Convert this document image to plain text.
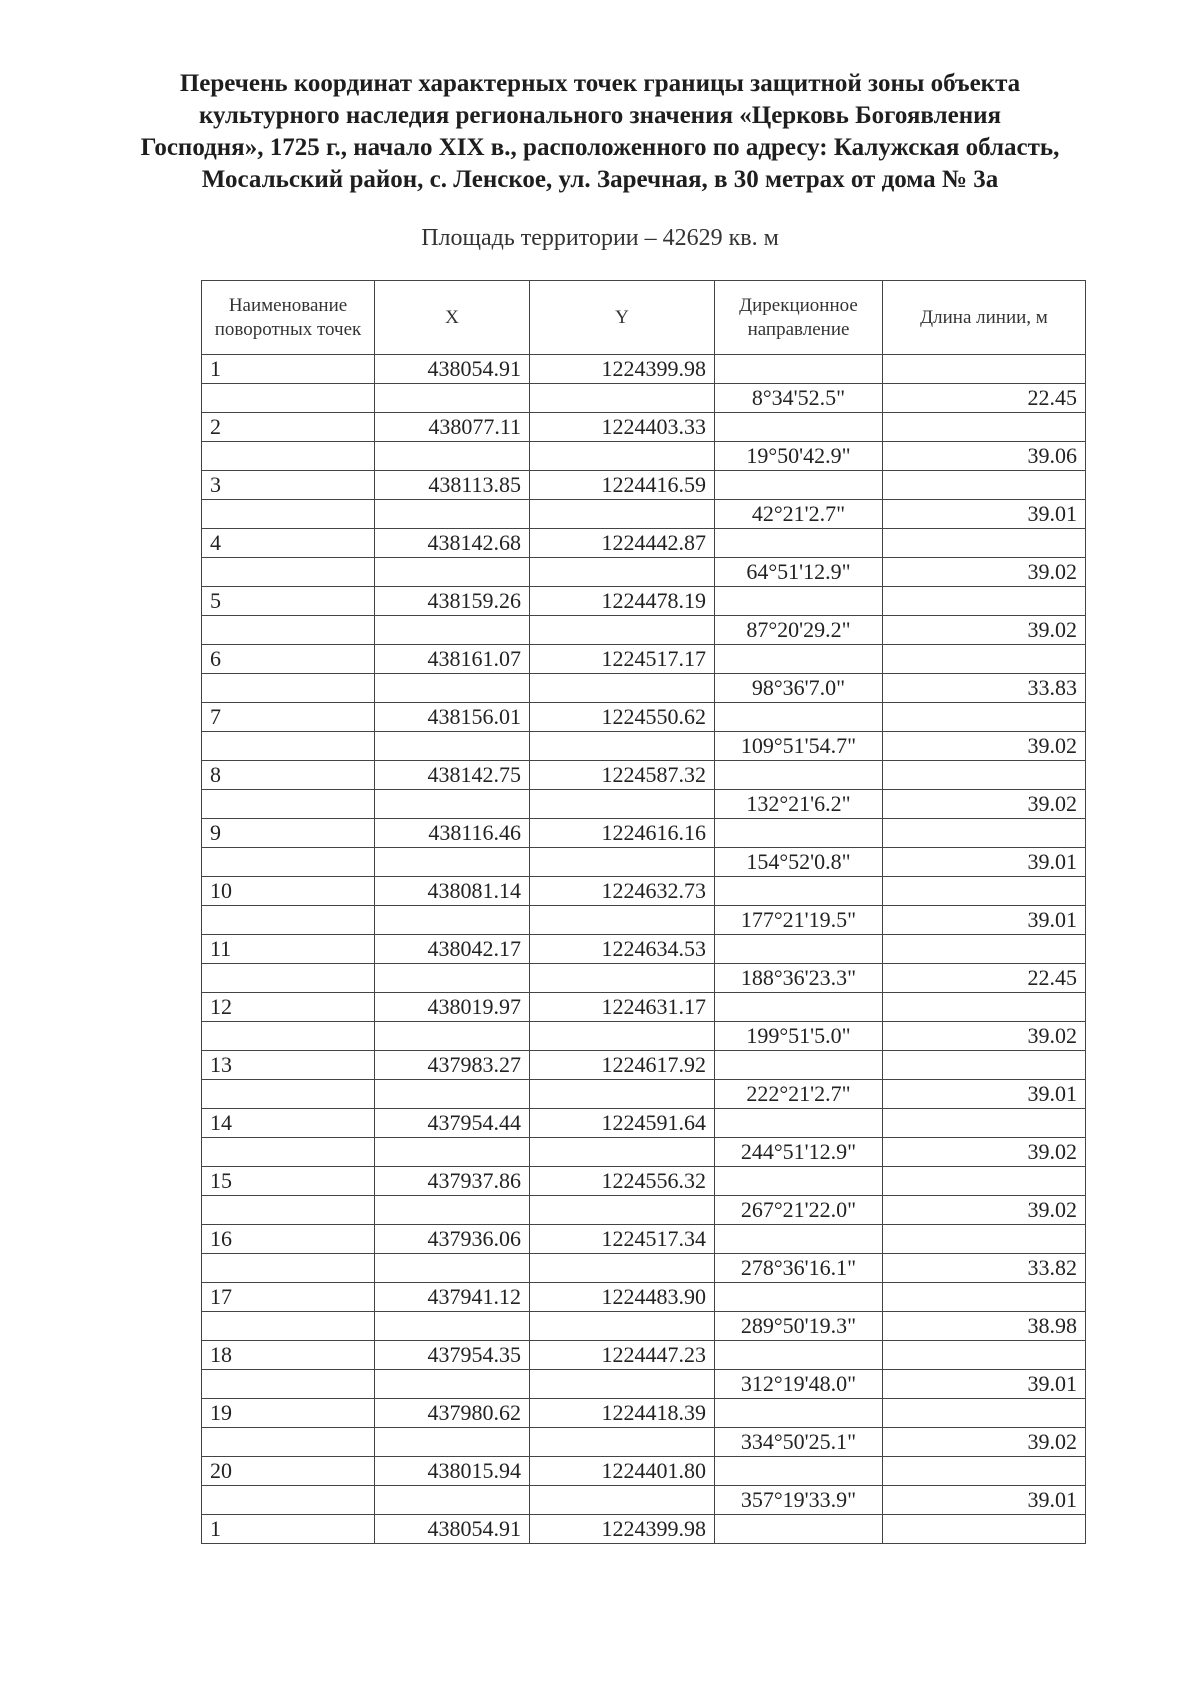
Перечень координат характерных точек границы защитной зоны объекта
культурного наследия регионального значения «Церковь Богоявления
Господня», 1725 г., начало XIX в., расположенного по адресу: Калужская область,
Мосальский район, с. Ленское, ул. Заречная, в 30 метрах от дома № 3а
Площадь территории – 42629 кв. м
Наименование поворотных точек	X	Y	Дирекционное направление	Длина линии, м
1	438054.91	1224399.98		
			8°34'52.5"	22.45
2	438077.11	1224403.33		
			19°50'42.9"	39.06
3	438113.85	1224416.59		
			42°21'2.7"	39.01
4	438142.68	1224442.87		
			64°51'12.9"	39.02
5	438159.26	1224478.19		
			87°20'29.2"	39.02
6	438161.07	1224517.17		
			98°36'7.0"	33.83
7	438156.01	1224550.62		
			109°51'54.7"	39.02
8	438142.75	1224587.32		
			132°21'6.2"	39.02
9	438116.46	1224616.16		
			154°52'0.8"	39.01
10	438081.14	1224632.73		
			177°21'19.5"	39.01
11	438042.17	1224634.53		
			188°36'23.3"	22.45
12	438019.97	1224631.17		
			199°51'5.0"	39.02
13	437983.27	1224617.92		
			222°21'2.7"	39.01
14	437954.44	1224591.64		
			244°51'12.9"	39.02
15	437937.86	1224556.32		
			267°21'22.0"	39.02
16	437936.06	1224517.34		
			278°36'16.1"	33.82
17	437941.12	1224483.90		
			289°50'19.3"	38.98
18	437954.35	1224447.23		
			312°19'48.0"	39.01
19	437980.62	1224418.39		
			334°50'25.1"	39.02
20	438015.94	1224401.80		
			357°19'33.9"	39.01
1	438054.91	1224399.98		
